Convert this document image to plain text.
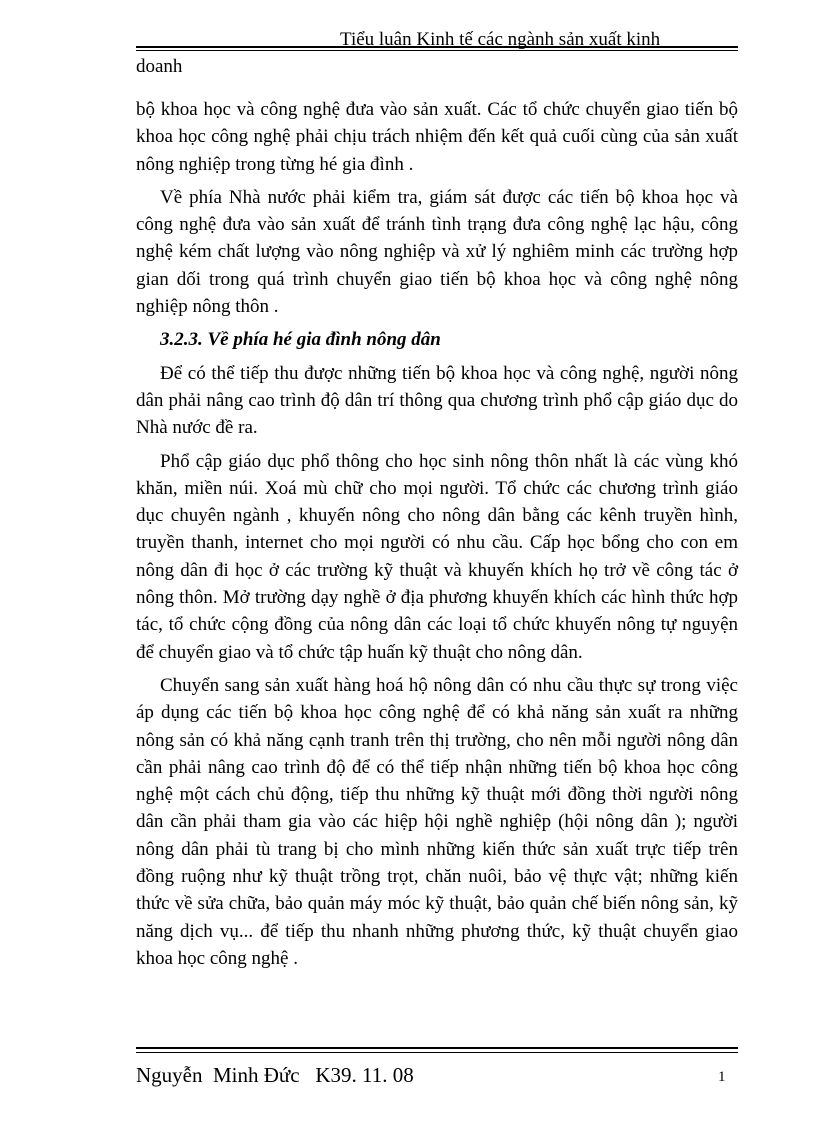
Tiểu luận Kinh tế các ngành sản xuất kinh
doanh

bộ khoa học và công nghệ đưa vào sản xuất. Các tổ chức chuyển giao tiến bộ khoa học công nghệ phải chịu trách nhiệm đến kết quả cuối cùng của sản xuất nông nghiệp trong từng hé gia đình .

Về phía Nhà nước phải kiểm tra, giám sát được các tiến bộ khoa học và công nghệ đưa vào sản xuất để tránh tình trạng đưa công nghệ lạc hậu, công nghệ kém chất lượng vào nông nghiệp và xử lý nghiêm minh các trường hợp gian dối trong quá trình chuyển giao tiến bộ khoa học và công nghệ nông nghiệp nông thôn .

3.2.3. Về phía hé gia đình nông dân

Để có thể tiếp thu được những tiến bộ khoa học và công nghệ, người nông dân phải nâng cao trình độ dân trí thông qua chương trình phổ cập giáo dục do Nhà nước đề ra.

Phổ cập giáo dục phổ thông cho học sinh nông thôn nhất là các vùng khó khăn, miền núi. Xoá mù chữ cho mọi người. Tổ chức các chương trình giáo dục chuyên ngành , khuyến nông cho nông dân bằng các kênh truyền hình, truyền thanh, internet cho mọi người có nhu cầu. Cấp học bổng cho con em nông dân đi học ở các trường kỹ thuật và khuyến khích họ trở về công tác ở nông thôn. Mở trường dạy nghề ở địa phương khuyến khích các hình thức hợp tác, tổ chức cộng đồng của nông dân các loại tổ chức khuyến nông tự nguyện để chuyển giao và tổ chức tập huấn kỹ thuật cho nông dân.

Chuyển sang sản xuất hàng hoá hộ nông dân có nhu cầu thực sự trong việc áp dụng các tiến bộ khoa học công nghệ để có khả năng sản xuất ra những nông sản có khả năng cạnh tranh trên thị trường, cho nên mỗi người nông dân cần phải nâng cao trình độ để có thể tiếp nhận những tiến bộ khoa học công nghệ một cách chủ động, tiếp thu những kỹ thuật mới đồng thời người nông dân cần phải tham gia vào các hiệp hội nghề nghiệp (hội nông dân ); người nông dân phải tù trang bị cho mình những kiến thức sản xuất trực tiếp trên đồng ruộng như kỹ thuật trồng trọt, chăn nuôi, bảo vệ thực vật; những kiến thức về sửa chữa, bảo quản máy móc kỹ thuật, bảo quản chế biến nông sản, kỹ năng dịch vụ... để tiếp thu nhanh những phương thức, kỹ thuật chuyển giao khoa học công nghệ .

Nguyễn  Minh Đức   K39. 11. 08	1
